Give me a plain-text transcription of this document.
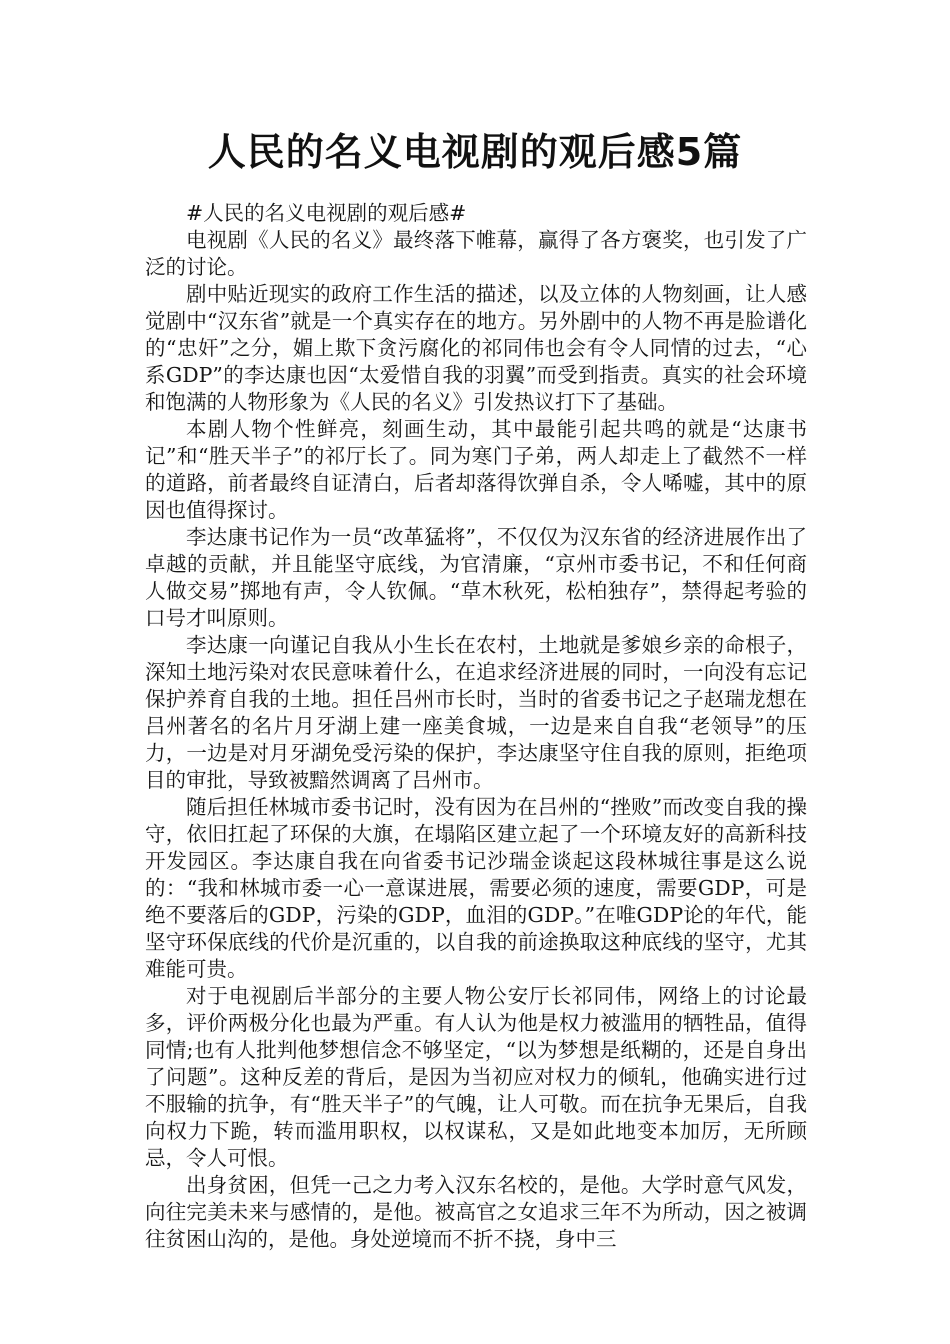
人民的名义电视剧的观后感5篇

#人民的名义电视剧的观后感#

电视剧《人民的名义》最终落下帷幕，赢得了各方褒奖，也引发了广泛的讨论。

剧中贴近现实的政府工作生活的描述，以及立体的人物刻画，让人感觉剧中“汉东省”就是一个真实存在的地方。另外剧中的人物不再是脸谱化的“忠奸”之分，媚上欺下贪污腐化的祁同伟也会有令人同情的过去，“心系GDP”的李达康也因“太爱惜自我的羽翼”而受到指责。真实的社会环境和饱满的人物形象为《人民的名义》引发热议打下了基础。

本剧人物个性鲜亮，刻画生动，其中最能引起共鸣的就是“达康书记”和“胜天半子”的祁厅长了。同为寒门子弟，两人却走上了截然不一样的道路，前者最终自证清白，后者却落得饮弹自杀，令人唏嘘，其中的原因也值得探讨。

李达康书记作为一员“改革猛将”，不仅仅为汉东省的经济进展作出了卓越的贡献，并且能坚守底线，为官清廉，“京州市委书记，不和任何商人做交易”掷地有声，令人钦佩。“草木秋死，松柏独存”，禁得起考验的口号才叫原则。

李达康一向谨记自我从小生长在农村，土地就是爹娘乡亲的命根子，深知土地污染对农民意味着什么，在追求经济进展的同时，一向没有忘记保护养育自我的土地。担任吕州市长时，当时的省委书记之子赵瑞龙想在吕州著名的名片月牙湖上建一座美食城，一边是来自自我“老领导”的压力，一边是对月牙湖免受污染的保护，李达康坚守住自我的原则，拒绝项目的审批，导致被黯然调离了吕州市。

随后担任林城市委书记时，没有因为在吕州的“挫败”而改变自我的操守，依旧扛起了环保的大旗，在塌陷区建立起了一个环境友好的高新科技开发园区。李达康自我在向省委书记沙瑞金谈起这段林城往事是这么说的：“我和林城市委一心一意谋进展，需要必须的速度，需要GDP，可是绝不要落后的GDP，污染的GDP，血泪的GDP。”在唯GDP论的年代，能坚守环保底线的代价是沉重的，以自我的前途换取这种底线的坚守，尤其难能可贵。

对于电视剧后半部分的主要人物公安厅长祁同伟，网络上的讨论最多，评价两极分化也最为严重。有人认为他是权力被滥用的牺牲品，值得同情;也有人批判他梦想信念不够坚定，“以为梦想是纸糊的，还是自身出了问题”。这种反差的背后，是因为当初应对权力的倾轧，他确实进行过不服输的抗争，有“胜天半子”的气魄，让人可敬。而在抗争无果后，自我向权力下跪，转而滥用职权，以权谋私，又是如此地变本加厉，无所顾忌，令人可恨。

出身贫困，但凭一己之力考入汉东名校的，是他。大学时意气风发，向往完美未来与感情的，是他。被高官之女追求三年不为所动，因之被调往贫困山沟的，是他。身处逆境而不折不挠，身中三
